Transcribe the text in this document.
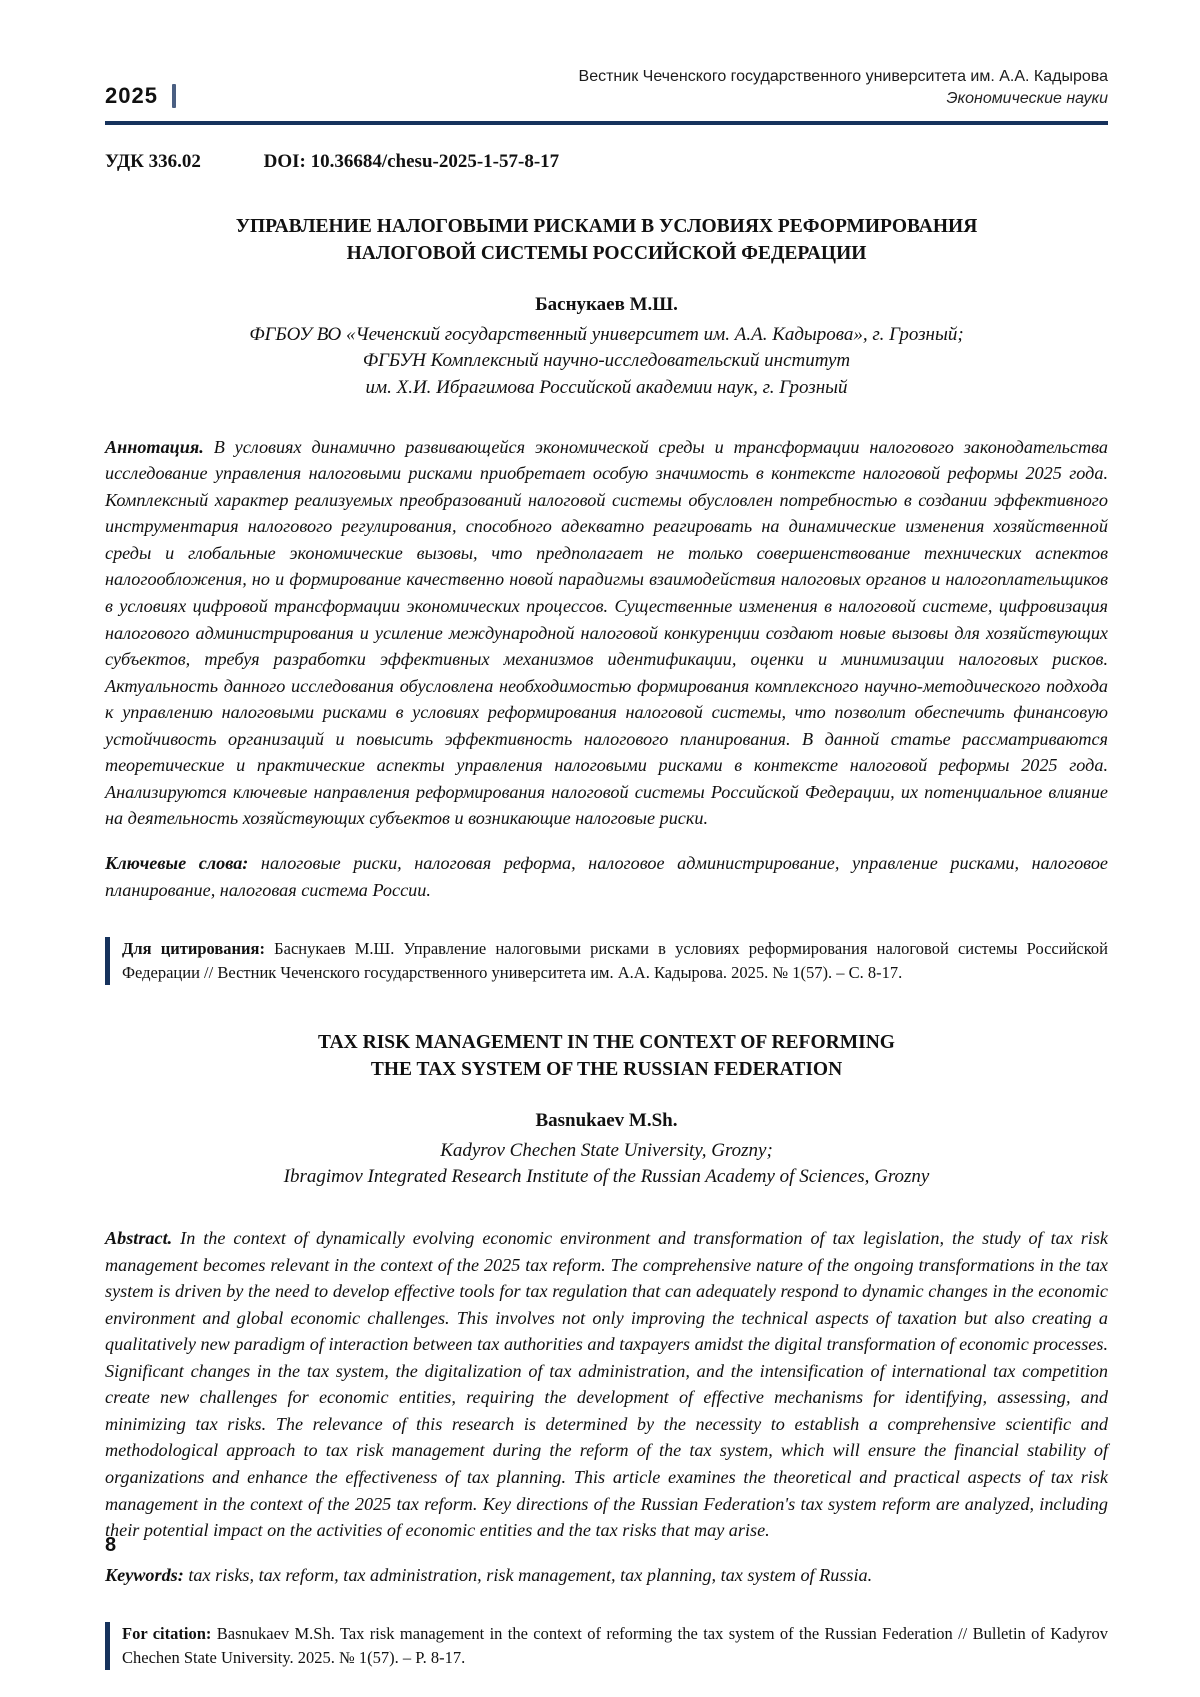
2025
Вестник Чеченского государственного университета им. А.А. Кадырова
Экономические науки
УДК 336.02	DOI: 10.36684/chesu-2025-1-57-8-17
УПРАВЛЕНИЕ НАЛОГОВЫМИ РИСКАМИ В УСЛОВИЯХ РЕФОРМИРОВАНИЯ
НАЛОГОВОЙ СИСТЕМЫ РОССИЙСКОЙ ФЕДЕРАЦИИ
Баснукаев М.Ш.
ФГБОУ ВО «Чеченский государственный университет им. А.А. Кадырова», г. Грозный;
ФГБУН Комплексный научно-исследовательский институт
им. Х.И. Ибрагимова Российской академии наук, г. Грозный

Аннотация. В условиях динамично развивающейся экономической среды и трансформации налогового законодательства исследование управления налоговыми рисками приобретает особую значимость в контексте налоговой реформы 2025 года. Комплексный характер реализуемых преобразований налоговой системы обусловлен потребностью в создании эффективного инструментария налогового регулирования, способного адекватно реагировать на динамические изменения хозяйственной среды и глобальные экономические вызовы, что предполагает не только совершенствование технических аспектов налогообложения, но и формирование качественно новой парадигмы взаимодействия налоговых органов и налогоплательщиков в условиях цифровой трансформации экономических процессов. Существенные изменения в налоговой системе, цифровизация налогового администрирования и усиление международной налоговой конкуренции создают новые вызовы для хозяйствующих субъектов, требуя разработки эффективных механизмов идентификации, оценки и минимизации налоговых рисков. Актуальность данного исследования обусловлена необходимостью формирования комплексного научно-методического подхода к управлению налоговыми рисками в условиях реформирования налоговой системы, что позволит обеспечить финансовую устойчивость организаций и повысить эффективность налогового планирования. В данной статье рассматриваются теоретические и практические аспекты управления налоговыми рисками в контексте налоговой реформы 2025 года. Анализируются ключевые направления реформирования налоговой системы Российской Федерации, их потенциальное влияние на деятельность хозяйствующих субъектов и возникающие налоговые риски.

Ключевые слова: налоговые риски, налоговая реформа, налоговое администрирование, управление рисками, налоговое планирование, налоговая система России.

Для цитирования: Баснукаев М.Ш. Управление налоговыми рисками в условиях реформирования налоговой системы Российской Федерации // Вестник Чеченского государственного университета им. А.А. Кадырова. 2025. № 1(57). – С. 8-17.
TAX RISK MANAGEMENT IN THE CONTEXT OF REFORMING
THE TAX SYSTEM OF THE RUSSIAN FEDERATION
Basnukaev M.Sh.
Kadyrov Chechen State University, Grozny;
Ibragimov Integrated Research Institute of the Russian Academy of Sciences, Grozny

Abstract. In the context of dynamically evolving economic environment and transformation of tax legislation, the study of tax risk management becomes relevant in the context of the 2025 tax reform. The comprehensive nature of the ongoing transformations in the tax system is driven by the need to develop effective tools for tax regulation that can adequately respond to dynamic changes in the economic environment and global economic challenges. This involves not only improving the technical aspects of taxation but also creating a qualitatively new paradigm of interaction between tax authorities and taxpayers amidst the digital transformation of economic processes. Significant changes in the tax system, the digitalization of tax administration, and the intensification of international tax competition create new challenges for economic entities, requiring the development of effective mechanisms for identifying, assessing, and minimizing tax risks. The relevance of this research is determined by the necessity to establish a comprehensive scientific and methodological approach to tax risk management during the reform of the tax system, which will ensure the financial stability of organizations and enhance the effectiveness of tax planning. This article examines the theoretical and practical aspects of tax risk management in the context of the 2025 tax reform. Key directions of the Russian Federation's tax system reform are analyzed, including their potential impact on the activities of economic entities and the tax risks that may arise.

Keywords: tax risks, tax reform, tax administration, risk management, tax planning, tax system of Russia.

For citation: Basnukaev M.Sh. Tax risk management in the context of reforming the tax system of the Russian Federation // Bulletin of Kadyrov Chechen State University. 2025. № 1(57). – P. 8-17.
8
